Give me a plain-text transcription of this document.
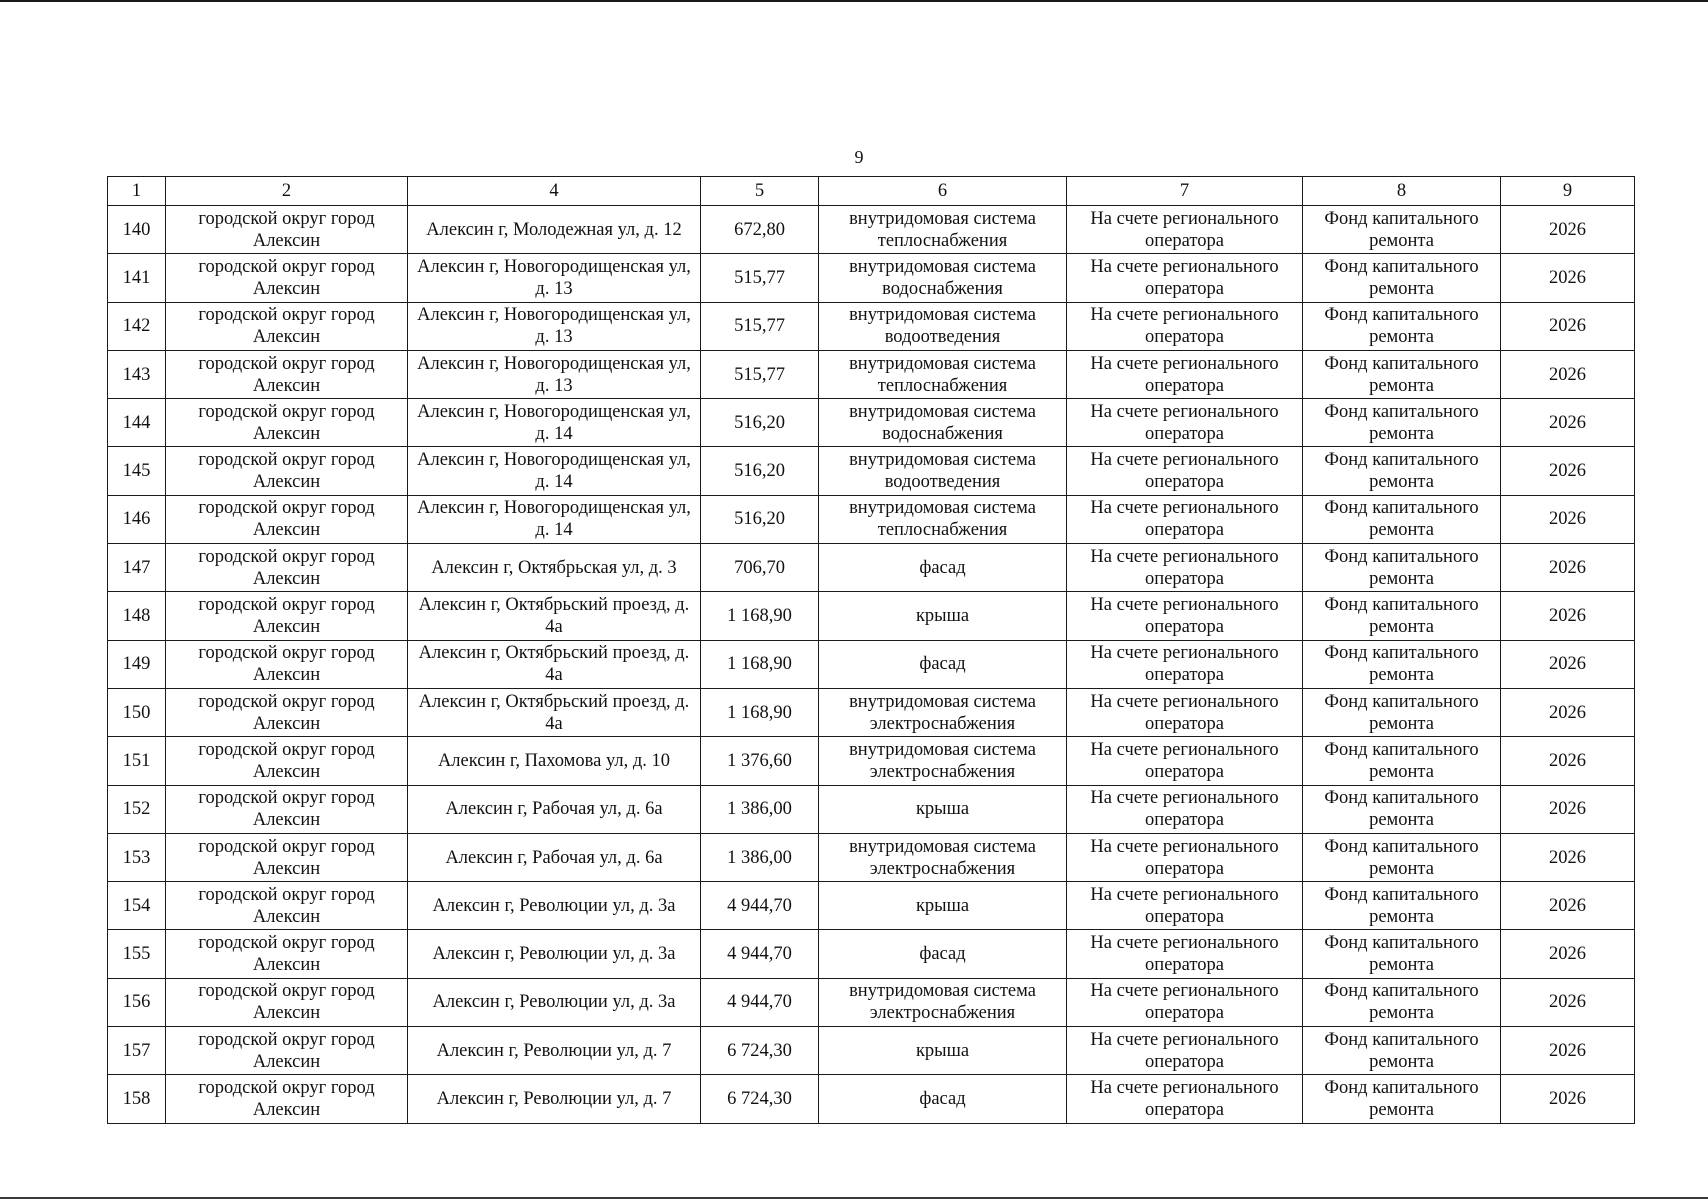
9
1	2	4	5	6	7	8	9
140	городской округ город Алексин	Алексин г, Молодежная ул, д. 12	672,80	внутридомовая система теплоснабжения	На счете регионального оператора	Фонд капитального ремонта	2026
141	городской округ город Алексин	Алексин г, Новогородищенская ул, д. 13	515,77	внутридомовая система водоснабжения	На счете регионального оператора	Фонд капитального ремонта	2026
142	городской округ город Алексин	Алексин г, Новогородищенская ул, д. 13	515,77	внутридомовая система водоотведения	На счете регионального оператора	Фонд капитального ремонта	2026
143	городской округ город Алексин	Алексин г, Новогородищенская ул, д. 13	515,77	внутридомовая система теплоснабжения	На счете регионального оператора	Фонд капитального ремонта	2026
144	городской округ город Алексин	Алексин г, Новогородищенская ул, д. 14	516,20	внутридомовая система водоснабжения	На счете регионального оператора	Фонд капитального ремонта	2026
145	городской округ город Алексин	Алексин г, Новогородищенская ул, д. 14	516,20	внутридомовая система водоотведения	На счете регионального оператора	Фонд капитального ремонта	2026
146	городской округ город Алексин	Алексин г, Новогородищенская ул, д. 14	516,20	внутридомовая система теплоснабжения	На счете регионального оператора	Фонд капитального ремонта	2026
147	городской округ город Алексин	Алексин г, Октябрьская ул, д. 3	706,70	фасад	На счете регионального оператора	Фонд капитального ремонта	2026
148	городской округ город Алексин	Алексин г, Октябрьский проезд, д. 4а	1 168,90	крыша	На счете регионального оператора	Фонд капитального ремонта	2026
149	городской округ город Алексин	Алексин г, Октябрьский проезд, д. 4а	1 168,90	фасад	На счете регионального оператора	Фонд капитального ремонта	2026
150	городской округ город Алексин	Алексин г, Октябрьский проезд, д. 4а	1 168,90	внутридомовая система электроснабжения	На счете регионального оператора	Фонд капитального ремонта	2026
151	городской округ город Алексин	Алексин г, Пахомова ул, д. 10	1 376,60	внутридомовая система электроснабжения	На счете регионального оператора	Фонд капитального ремонта	2026
152	городской округ город Алексин	Алексин г, Рабочая ул, д. 6а	1 386,00	крыша	На счете регионального оператора	Фонд капитального ремонта	2026
153	городской округ город Алексин	Алексин г, Рабочая ул, д. 6а	1 386,00	внутридомовая система электроснабжения	На счете регионального оператора	Фонд капитального ремонта	2026
154	городской округ город Алексин	Алексин г, Революции ул, д. 3а	4 944,70	крыша	На счете регионального оператора	Фонд капитального ремонта	2026
155	городской округ город Алексин	Алексин г, Революции ул, д. 3а	4 944,70	фасад	На счете регионального оператора	Фонд капитального ремонта	2026
156	городской округ город Алексин	Алексин г, Революции ул, д. 3а	4 944,70	внутридомовая система электроснабжения	На счете регионального оператора	Фонд капитального ремонта	2026
157	городской округ город Алексин	Алексин г, Революции ул, д. 7	6 724,30	крыша	На счете регионального оператора	Фонд капитального ремонта	2026
158	городской округ город Алексин	Алексин г, Революции ул, д. 7	6 724,30	фасад	На счете регионального оператора	Фонд капитального ремонта	2026
